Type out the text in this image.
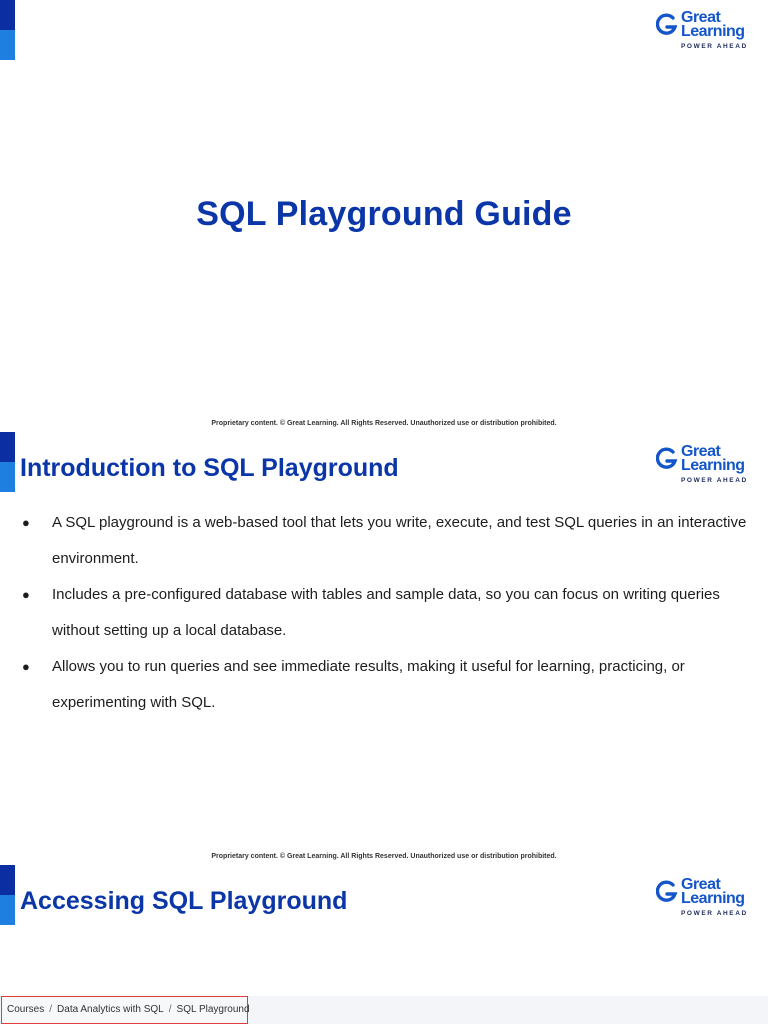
Great
Learning
POWER AHEAD
SQL Playground Guide
Proprietary content. © Great Learning. All Rights Reserved. Unauthorized use or distribution prohibited.
Great
Learning
POWER AHEAD
Introduction to SQL Playground
Proprietary content. © Great Learning. All Rights Reserved. Unauthorized use or distribution prohibited.
● A SQL playground is a web-based tool that lets you write, execute, and test SQL queries in an interactive environment.
● Includes a pre-configured database with tables and sample data, so you can focus on writing queries without setting up a local database.
● Allows you to run queries and see immediate results, making it useful for learning, practicing, or experimenting with SQL.
Great
Learning
POWER AHEAD
Accessing SQL Playground
Courses / Data Analytics with SQL / SQL Playground
